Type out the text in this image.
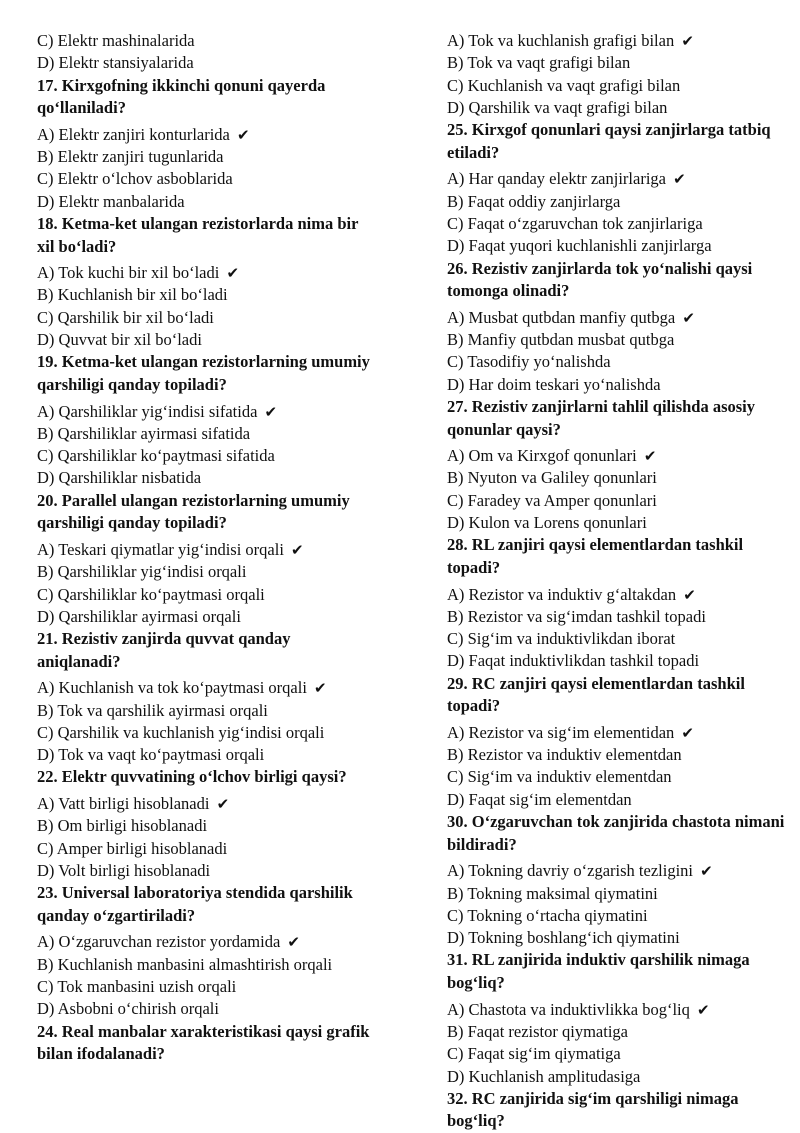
C) Elektr mashinalarida
D) Elektr stansiyalarida
17. Kirxgofning ikkinchi qonuni qayerda qo‘llaniladi?
A) Elektr zanjiri konturlarida ✔
B) Elektr zanjiri tugunlarida
C) Elektr o‘lchov asboblarida
D) Elektr manbalarida
18. Ketma-ket ulangan rezistorlarda nima bir xil bo‘ladi?
A) Tok kuchi bir xil bo‘ladi ✔
B) Kuchlanish bir xil bo‘ladi
C) Qarshilik bir xil bo‘ladi
D) Quvvat bir xil bo‘ladi
19. Ketma-ket ulangan rezistorlarning umumiy qarshiligi qanday topiladi?
A) Qarshiliklar yig‘indisi sifatida ✔
B) Qarshiliklar ayirmasi sifatida
C) Qarshiliklar ko‘paytmasi sifatida
D) Qarshiliklar nisbatida
20. Parallel ulangan rezistorlarning umumiy qarshiligi qanday topiladi?
A) Teskari qiymatlar yig‘indisi orqali ✔
B) Qarshiliklar yig‘indisi orqali
C) Qarshiliklar ko‘paytmasi orqali
D) Qarshiliklar ayirmasi orqali
21. Rezistiv zanjirda quvvat qanday aniqlanadi?
A) Kuchlanish va tok ko‘paytmasi orqali ✔
B) Tok va qarshilik ayirmasi orqali
C) Qarshilik va kuchlanish yig‘indisi orqali
D) Tok va vaqt ko‘paytmasi orqali
22. Elektr quvvatining o‘lchov birligi qaysi?
A) Vatt birligi hisoblanadi ✔
B) Om birligi hisoblanadi
C) Amper birligi hisoblanadi
D) Volt birligi hisoblanadi
23. Universal laboratoriya stendida qarshilik qanday o‘zgartiriladi?
A) O‘zgaruvchan rezistor yordamida ✔
B) Kuchlanish manbasini almashtirish orqali
C) Tok manbasini uzish orqali
D) Asbobni o‘chirish orqali
24. Real manbalar xarakteristikasi qaysi grafik bilan ifodalanadi?
A) Tok va kuchlanish grafigi bilan ✔
B) Tok va vaqt grafigi bilan
C) Kuchlanish va vaqt grafigi bilan
D) Qarshilik va vaqt grafigi bilan
25. Kirxgof qonunlari qaysi zanjirlarga tatbiq etiladi?
A) Har qanday elektr zanjirlariga ✔
B) Faqat oddiy zanjirlarga
C) Faqat o‘zgaruvchan tok zanjirlariga
D) Faqat yuqori kuchlanishli zanjirlarga
26. Rezistiv zanjirlarda tok yo‘nalishi qaysi tomonga olinadi?
A) Musbat qutbdan manfiy qutbga ✔
B) Manfiy qutbdan musbat qutbga
C) Tasodifiy yo‘nalishda
D) Har doim teskari yo‘nalishda
27. Rezistiv zanjirlarni tahlil qilishda asosiy qonunlar qaysi?
A) Om va Kirxgof qonunlari ✔
B) Nyuton va Galiley qonunlari
C) Faradey va Amper qonunlari
D) Kulon va Lorens qonunlari
28. RL zanjiri qaysi elementlardan tashkil topadi?
A) Rezistor va induktiv g‘altakdan ✔
B) Rezistor va sig‘imdan tashkil topadi
C) Sig‘im va induktivlikdan iborat
D) Faqat induktivlikdan tashkil topadi
29. RC zanjiri qaysi elementlardan tashkil topadi?
A) Rezistor va sig‘im elementidan ✔
B) Rezistor va induktiv elementdan
C) Sig‘im va induktiv elementdan
D) Faqat sig‘im elementdan
30. O‘zgaruvchan tok zanjirida chastota nimani bildiradi?
A) Tokning davriy o‘zgarish tezligini ✔
B) Tokning maksimal qiymatini
C) Tokning o‘rtacha qiymatini
D) Tokning boshlang‘ich qiymatini
31. RL zanjirida induktiv qarshilik nimaga bog‘liq?
A) Chastota va induktivlikka bog‘liq ✔
B) Faqat rezistor qiymatiga
C) Faqat sig‘im qiymatiga
D) Kuchlanish amplitudasiga
32. RC zanjirida sig‘im qarshiligi nimaga bog‘liq?
